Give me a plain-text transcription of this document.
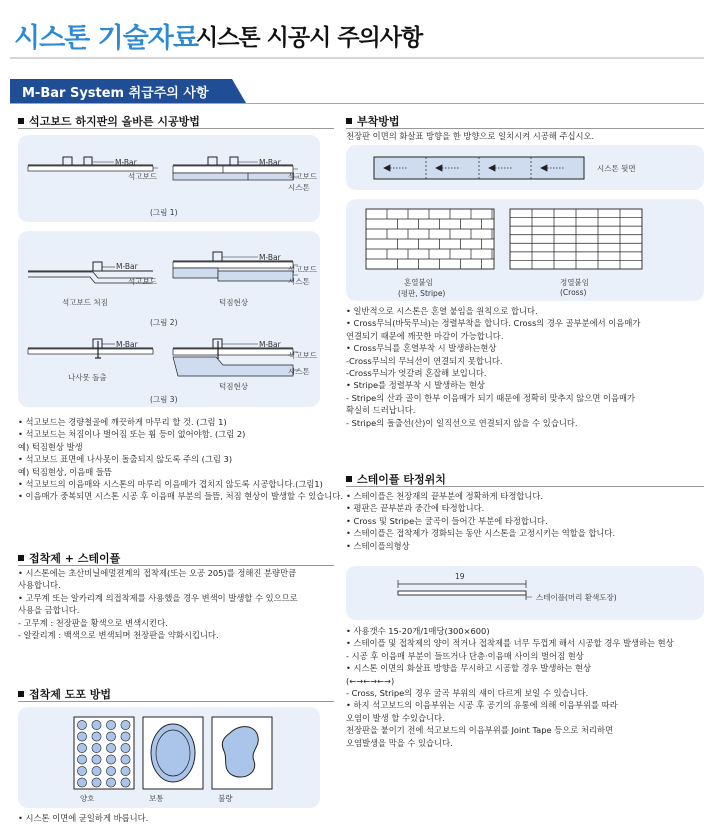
시스톤 기술자료
시스톤 시공시 주의사항
M-Bar System 취급주의 사항
석고보드 하지판의 올바른 시공방법
M-Bar
석고보드
M-Bar
석고보드
시스톤
(그림 1)
M-Bar
석고보드
석고보드 처짐
M-Bar
석고보드
시스톤
턱짐현상
(그림 2)
M-Bar
나사못 돌출
M-Bar
석고보드
시스톤
턱짐현상
(그림 3)
• 석고보드는 경량철골에 깨끗하게 마무리 할 것. (그림 1)
• 석고보드는 처짐이나 벌어짐 또는 휨 등이 없어야함. (그림 2)
예) 턱짐현상 발생
• 석고보드 표면에 나사못이 돌출되지 않도록 주의 (그림 3)
예) 턱짐현상, 이음매 들뜸
• 석고보드의 이음매와 시스톤의 마루리 이음매가 겹치지 않도록 시공합니다.(그림1)
• 이음매가 중복되면 시스톤 시공 후 이음매 부분의 들뜸, 처짐 현상이 발생할 수 있습니다.
접착제 + 스테이플
• 시스톤에는 초산비닐에멀젼계의 접착제(또는 오공 205)를 정해진 분량만큼
사용합니다.
• 고무계 또는 알카리계 의접착제를 사용했을 경우 변색이 발생할 수 있으므로
사용을 금합니다.
- 고무계 : 천장판을 황색으로 변색시킨다.
- 알칼리계 : 백색으로 변색되며 천장판을 약화시킵니다.
접착제 도포 방법
양호	보통	불량
• 시스톤 이면에 균일하게 바릅니다.
부착방법
천장판 이면의 화살표 방향을 한 방향으로 일치시켜 시공해 주십시오.
시스톤 뒷면
혼열붙임
(평판, Stripe)
정열붙임
(Cross)
• 일반적으로 시스톤은 혼열 붙임을 원칙으로 합니다.
• Cross무늬(바둑무늬)는 정렬부착을 합니다. Cross의 경우 골부분에서 이음매가
연결되기 때문에 깨끗한 마감이 가능합니다.
• Cross무늬를 혼열부착 시 발생하는현상
-Cross무늬의 무늬선이 연결되지 못합니다.
-Cross무늬가 엇갈려 혼잡해 보입니다.
• Stripe를 정렬부착 시 발생하는 현상
- Stripe의 산과 골이 한부 이음매가 되기 때문에 정확히 맞추지 않으면 이음매가
확실히 드러납니다.
- Stripe의 돌출선(산)이 일직선으로 연결되지 않을 수 있습니다.
스테이플 타정위치
• 스테이플은 천장재의 끝부분에 정확하게 타정합니다.
• 평판은 끝부분과 중간에 타정합니다.
• Cross 및 Stripe는 굴곡이 들어간 부분에 타정합니다.
• 스테이플은 접착제가 경화되는 동안 시스톤을 고정시키는 역할을 합니다.
• 스테이플의형상
19
스테이플(머리 환색도장)
• 사용갯수 15-20개/1매당(300×600)
• 스테이플 및 접착제의 양이 적거나 접착제를 너무 두껍게 해서 시공할 경우 발생하는 현상
- 시공 후 이음매 부분이 들뜨거나 단층·이음매 사이의 벌어짐 현상
• 시스톤 이면의 화살표 방향을 무시하고 시공할 경우 발생하는 현상
(←→←→←→)
- Cross, Stripe의 경우 굴곡 부위의 섀이 다르게 보일 수 있습니다.
• 하지 석고보드의 이음부위는 시공 후 공기의 유통에 의해 이음부위를 따라
오염이 발생 할 수있습니다.
천장판을 붙이기 전에 석고보드의 이음부위를 Joint Tape 등으로 처리하면
오염발생을 막을 수 있습니다.
